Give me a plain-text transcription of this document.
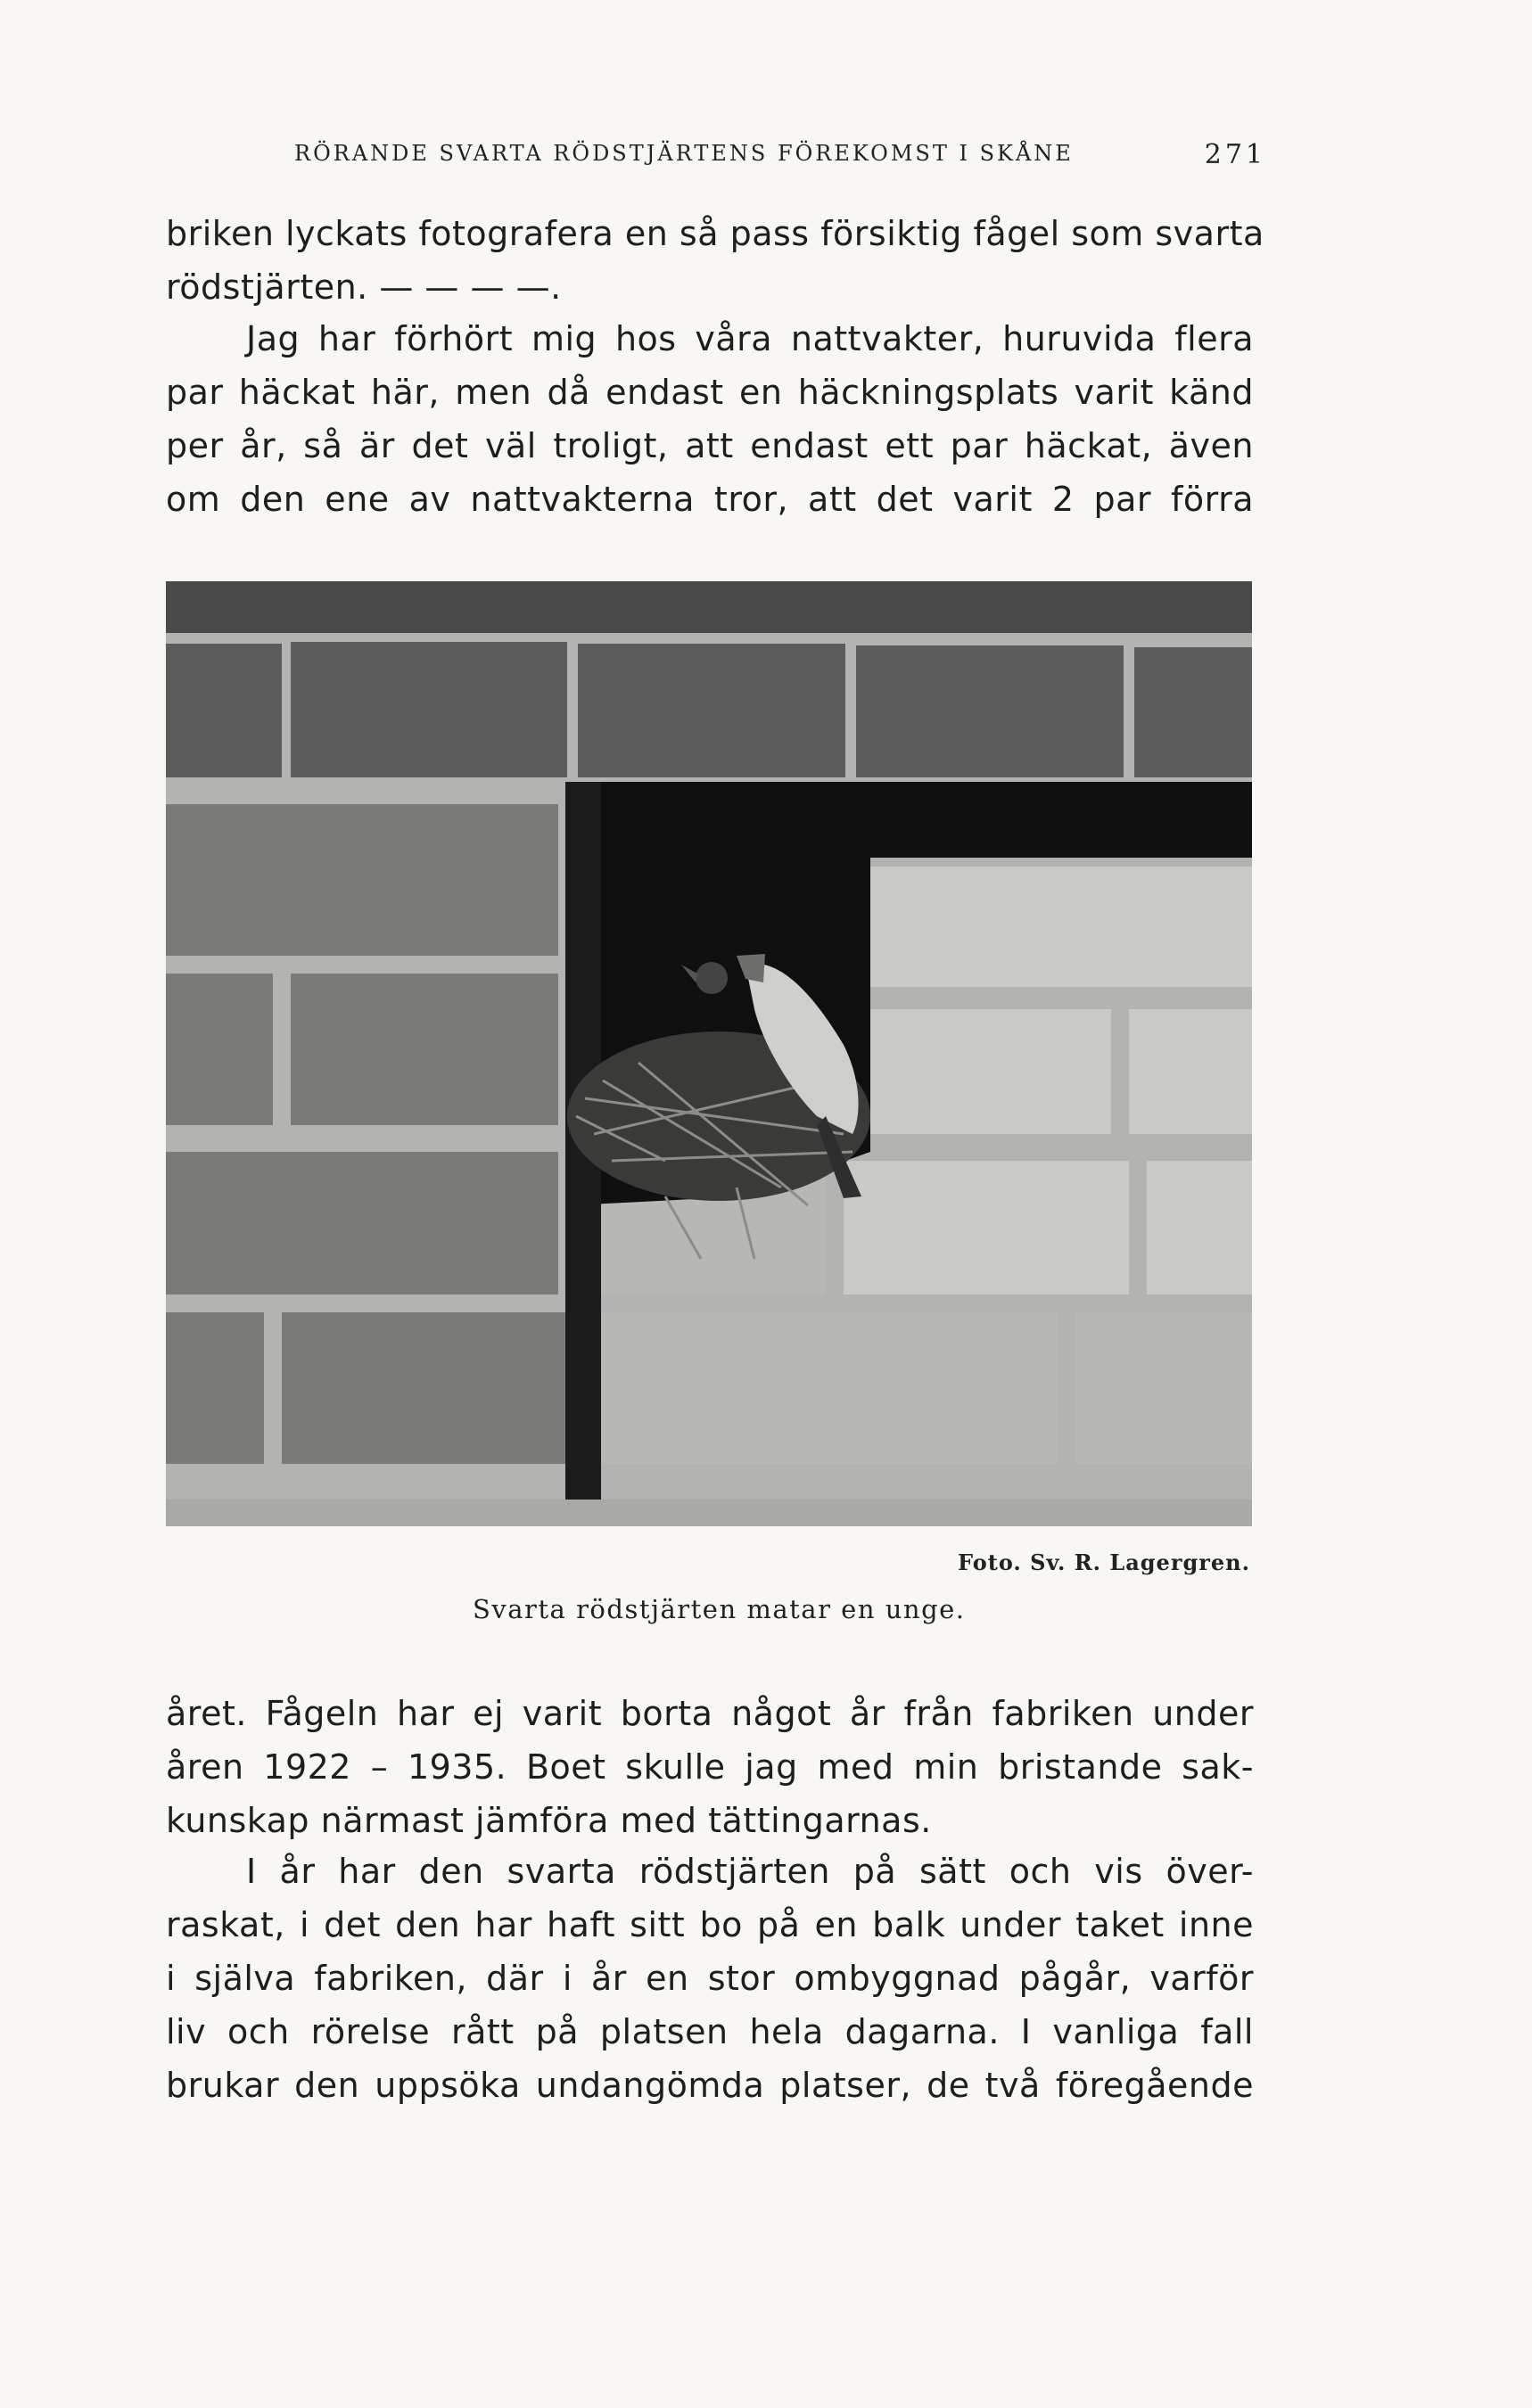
RÖRANDE SVARTA RÖDSTJÄRTENS FÖREKOMST I SKÅNE	271
briken lyckats fotografera en så pass försiktig fågel som svarta
rödstjärten. — — — —.
Jag har förhört mig hos våra nattvakter, huruvida flera
par häckat här, men då endast en häckningsplats varit känd
per år, så är det väl troligt, att endast ett par häckat, även
om den ene av nattvakterna tror, att det varit 2 par förra
Foto. Sv. R. Lagergren.
Svarta rödstjärten matar en unge.
året. Fågeln har ej varit borta något år från fabriken under
åren 1922 – 1935. Boet skulle jag med min bristande sak-
kunskap närmast jämföra med tättingarnas.
I år har den svarta rödstjärten på sätt och vis över-
raskat, i det den har haft sitt bo på en balk under taket inne
i själva fabriken, där i år en stor ombyggnad pågår, varför
liv och rörelse rått på platsen hela dagarna. I vanliga fall
brukar den uppsöka undangömda platser, de två föregående
